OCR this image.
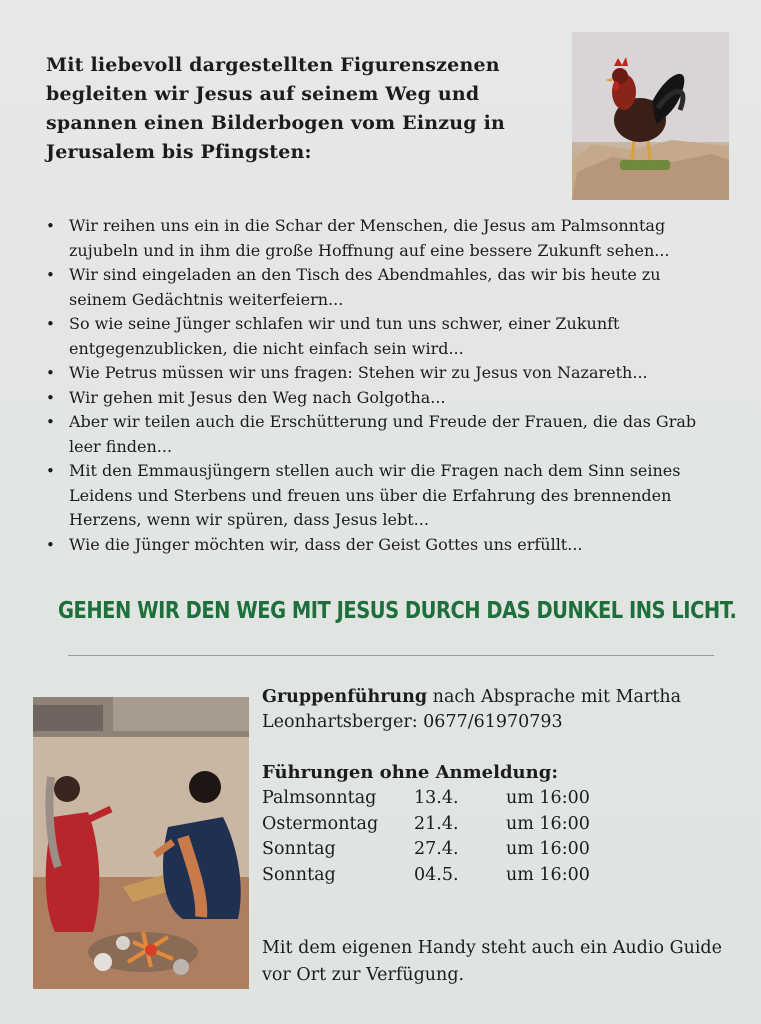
Mit liebevoll dargestellten Figurenszenen
begleiten wir Jesus auf seinem Weg und
spannen einen Bilderbogen vom Einzug in
Jerusalem bis Pfingsten:
• Wir reihen uns ein in die Schar der Menschen, die Jesus am Palmsonntag
zujubeln und in ihm die große Hoffnung auf eine bessere Zukunft sehen...
• Wir sind eingeladen an den Tisch des Abendmahles, das wir bis heute zu
seinem Gedächtnis weiterfeiern...
• So wie seine Jünger schlafen wir und tun uns schwer, einer Zukunft
entgegenzublicken, die nicht einfach sein wird...
• Wie Petrus müssen wir uns fragen: Stehen wir zu Jesus von Nazareth...
• Wir gehen mit Jesus den Weg nach Golgotha...
• Aber wir teilen auch die Erschütterung und Freude der Frauen, die das Grab
leer finden...
• Mit den Emmausjüngern stellen auch wir die Fragen nach dem Sinn seines
Leidens und Sterbens und freuen uns über die Erfahrung des brennenden
Herzens, wenn wir spüren, dass Jesus lebt...
• Wie die Jünger möchten wir, dass der Geist Gottes uns erfüllt...
GEHEN WIR DEN WEG MIT JESUS DURCH DAS DUNKEL INS LICHT.
Gruppenführung nach Absprache mit Martha
Leonhartsberger: 0677/61970793
Führungen ohne Anmeldung:
Palmsonntag 13.4.	um 16:00
Ostermontag 21.4.	um 16:00
Sonntag	27.4.	um 16:00
Sonntag	04.5.	um 16:00
Mit dem eigenen Handy steht auch ein Audio Guide
vor Ort zur Verfügung.
